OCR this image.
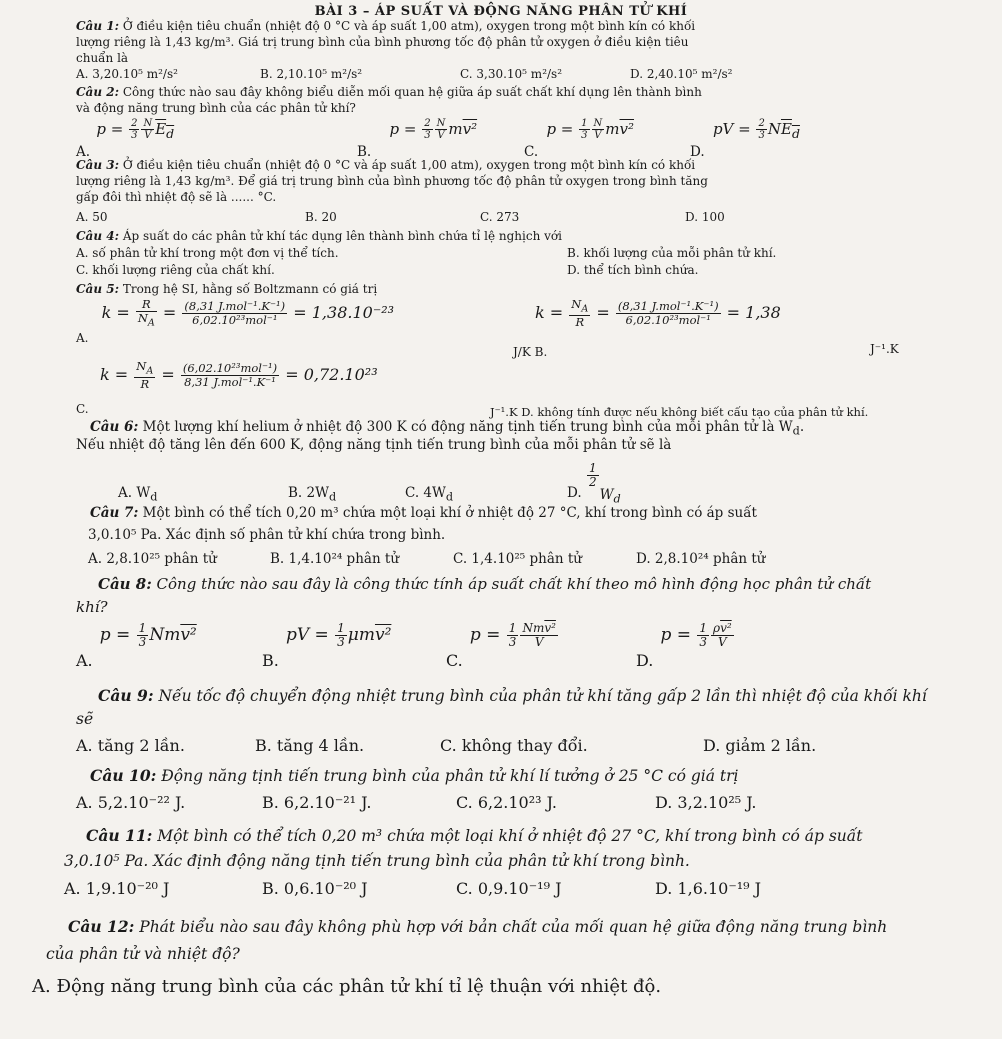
BÀI 3 – ÁP SUẤT VÀ ĐỘNG NĂNG PHÂN TỬ KHÍ
Câu 1: Ở điều kiện tiêu chuẩn (nhiệt độ 0 °C và áp suất 1,00 atm), oxygen trong một bình kín có khối
lượng riêng là 1,43 kg/m³. Giá trị trung bình của bình phương tốc độ phân tử oxygen ở điều kiện tiêu
chuẩn là
A. 3,20.10⁵ m²/s²	B. 2,10.10⁵ m²/s²	C. 3,30.10⁵ m²/s²	D. 2,40.10⁵ m²/s²
Câu 2: Công thức nào sau đây không biểu diễn mối quan hệ giữa áp suất chất khí dụng lên thành bình
và động năng trung bình của các phân tử khí?
A. $p = \frac{2}{3} \frac{N}{V} E_d$
B. $p = \frac{2}{3} \frac{N}{V} mv^2$
C. $p = \frac{1}{3} \frac{N}{V} mv^2$
D. pV = $\frac{2}{3} NE_d$
Câu 3: Ở điều kiện tiêu chuẩn (nhiệt độ 0 °C và áp suất 1,00 atm), oxygen trong một bình kín có khối
lượng riêng là 1,43 kg/m³. Để giá trị trung bình của bình phương tốc độ phân tử oxygen trong bình tăng
gấp đôi thì nhiệt độ sẽ là ...... °C.
A. 50	B. 20	C. 273	D. 100
Câu 4: Áp suất do các phân tử khí tác dụng lên thành bình chứa tỉ lệ nghịch với
A. số phân tử khí trong một đơn vị thể tích.	B. khối lượng của mỗi phân tử khí.
C. khối lượng riêng của chất khí.	D. thể tích bình chứa.
Câu 5: Trong hệ SI, hằng số Boltzmann có giá trị
$_{A.}$ $k = \frac{R}{N_A} = \frac{\text{(8,31 J.mol⁻¹.K⁻¹)}}{\text{6,02.10²³mol⁻¹}} = 1,38.10^{-23}$
J/K B.
$k = \frac{N_A}{R} = \frac{\text{(8,31 J.mol⁻¹.K⁻¹)}}{\text{6,02.10²³mol⁻¹}} = 1,38$
J⁻¹.K
$k = \frac{N_A}{R} = \frac{\text{(6,02.10²³mol⁻¹)}}{\text{8,31 J.mol⁻¹.K⁻¹}} = 0,72.10^{23}$
C.	J⁻¹.K D. không tính được nếu không biết cấu tạo của phân tử khí.
Câu 6: Một lượng khí helium ở nhiệt độ 300 K có động năng tịnh tiến trung bình của mỗi phân tử là $W_d$.
Nếu nhiệt độ tăng lên đến 600 K, động năng tịnh tiến trung bình của mỗi phân tử sẽ là
A. $W_d$	B. $2W_d$	C. $4W_d$	D.
$\frac{1}{2}$
$W_d$
Câu 7: Một bình có thể tích 0,20 m³ chứa một loại khí ở nhiệt độ 27 °C, khí trong bình có áp suất
3,0.10⁵ Pa. Xác định số phân tử khí chứa trong bình.
A. 2,8.10²⁵ phân tử	B. 1,4.10²⁴ phân tử	C. 1,4.10²⁵ phân tử	D. 2,8.10²⁴ phân tử
Câu 8: Công thức nào sau đây là công thức tính áp suất chất khí theo mô hình động học phân tử chất
khí?
A. $p = \frac{1}{3} Nmv^2$
B. pV = $\frac{1}{3} \mu mv^2$
C. $p = \frac{1}{3} \frac{\text{Nmv²}}{V}$
D. $p = \frac{1}{3} \frac{\text{ρv²}}{V}$
Câu 9: Nếu tốc độ chuyển động nhiệt trung bình của phân tử khí tăng gấp 2 lần thì nhiệt độ của khối khí
sẽ
A. tăng 2 lần.	B. tăng 4 lần.	C. không thay đổi.	D. giảm 2 lần.
Câu 10: Động năng tịnh tiến trung bình của phân tử khí lí tưởng ở 25 °C có giá trị
A. 5,2.10⁻²² J.	B. 6,2.10⁻²¹ J.	C. 6,2.10²³ J.	D. 3,2.10²⁵ J.
Câu 11: Một bình có thể tích 0,20 m³ chứa một loại khí ở nhiệt độ 27 °C, khí trong bình có áp suất
3,0.10⁵ Pa. Xác định động năng tịnh tiến trung bình của phân tử khí trong bình.
A. 1,9.10⁻²⁰ J	B. 0,6.10⁻²⁰ J	C. 0,9.10⁻¹⁹ J	D. 1,6.10⁻¹⁹ J
Câu 12: Phát biểu nào sau đây không phù hợp với bản chất của mối quan hệ giữa động năng trung bình
của phân tử và nhiệt độ?
A. Động năng trung bình của các phân tử khí tỉ lệ thuận với nhiệt độ.
